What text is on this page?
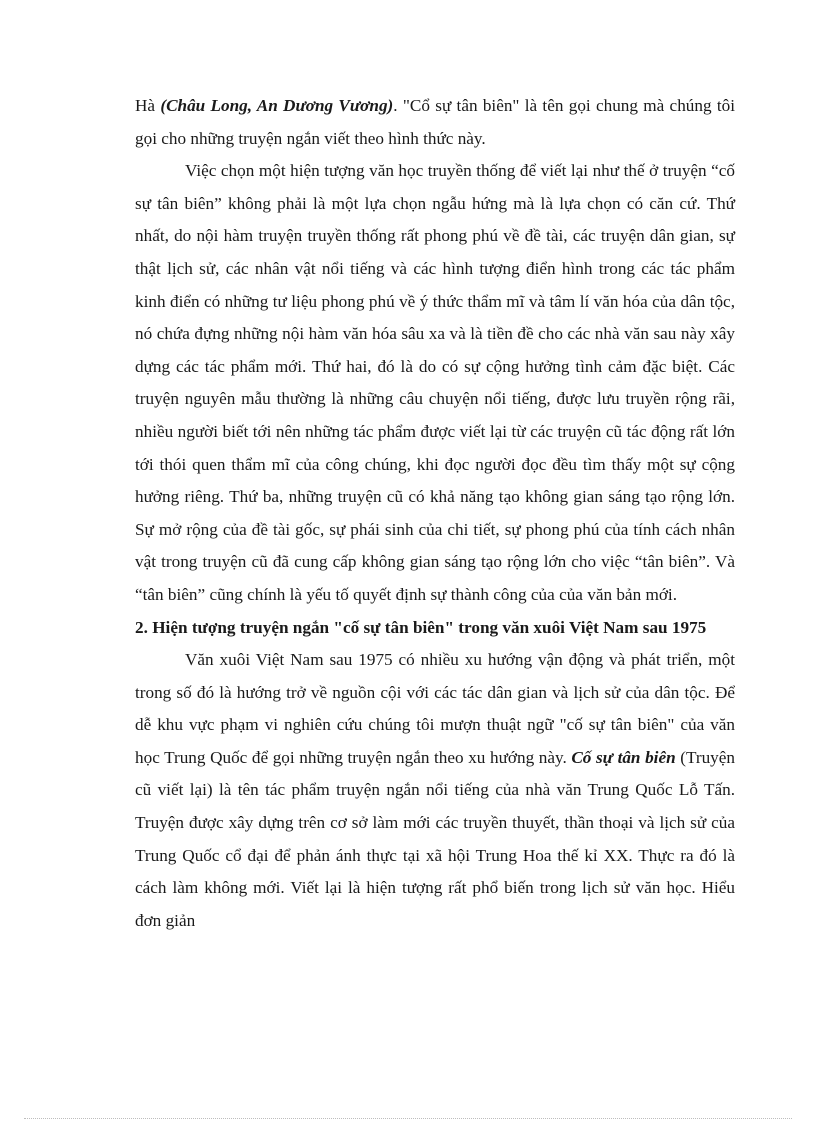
Hà (Châu Long, An Dương Vương). "Cổ sự tân biên" là tên gọi chung mà chúng tôi gọi cho những truyện ngắn viết theo hình thức này.

Việc chọn một hiện tượng văn học truyền thống để viết lại như thế ở truyện “cố sự tân biên” không phải là một lựa chọn ngẫu hứng mà là lựa chọn có căn cứ. Thứ nhất, do nội hàm truyện truyền thống rất phong phú về đề tài, các truyện dân gian, sự thật lịch sử, các nhân vật nổi tiếng và các hình tượng điển hình trong các tác phẩm kinh điển có những tư liệu phong phú về ý thức thẩm mĩ và tâm lí văn hóa của dân tộc, nó chứa đựng những nội hàm văn hóa sâu xa và là tiền đề cho các nhà văn sau này xây dựng các tác phẩm mới. Thứ hai, đó là do có sự cộng hưởng tình cảm đặc biệt. Các truyện nguyên mẫu thường là những câu chuyện nổi tiếng, được lưu truyền rộng rãi, nhiều người biết tới nên những tác phẩm được viết lại từ các truyện cũ tác động rất lớn tới thói quen thẩm mĩ của công chúng, khi đọc người đọc đều tìm thấy một sự cộng hưởng riêng. Thứ ba, những truyện cũ có khả năng tạo không gian sáng tạo rộng lớn. Sự mở rộng của đề tài gốc, sự phái sinh của chi tiết, sự phong phú của tính cách nhân vật trong truyện cũ đã cung cấp không gian sáng tạo rộng lớn cho việc “tân biên”. Và “tân biên” cũng chính là yếu tố quyết định sự thành công của của văn bản mới.

2. Hiện tượng truyện ngắn "cố sự tân biên" trong văn xuôi Việt Nam sau 1975

Văn xuôi Việt Nam sau 1975 có nhiều xu hướng vận động và phát triển, một trong số đó là hướng trở về nguồn cội với các tác dân gian và lịch sử của dân tộc. Để dễ khu vực phạm vi nghiên cứu chúng tôi mượn thuật ngữ "cố sự tân biên" của văn học Trung Quốc để gọi những truyện ngắn theo xu hướng này. Cố sự tân biên (Truyện cũ viết lại) là tên tác phẩm truyện ngắn nổi tiếng của nhà văn Trung Quốc Lỗ Tấn. Truyện được xây dựng trên cơ sở làm mới các truyền thuyết, thần thoại và lịch sử của Trung Quốc cổ đại để phản ánh thực tại xã hội Trung Hoa thế kỉ XX. Thực ra đó là cách làm không mới. Viết lại là hiện tượng rất phổ biến trong lịch sử văn học. Hiểu đơn giản
